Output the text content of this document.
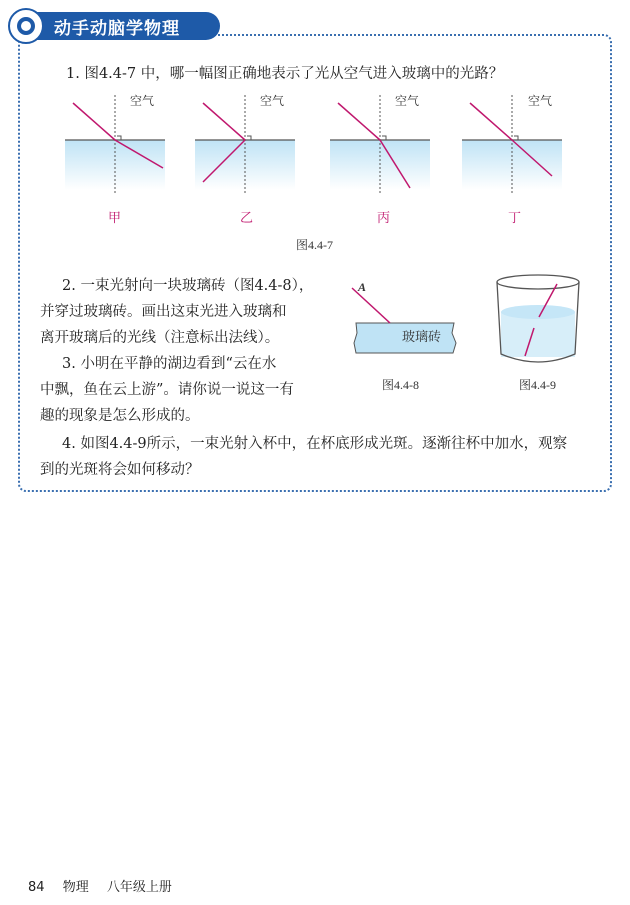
动手动脑学物理
1. 图4.4-7 中，哪一幅图正确地表示了光从空气进入玻璃中的光路？
空气	空气	空气	空气
甲	乙	丙	丁
图4.4-7
2. 一束光射向一块玻璃砖（图4.4-8），
并穿过玻璃砖。画出这束光进入玻璃和
离开玻璃后的光线（注意标出法线）。
3. 小明在平静的湖边看到“云在水
中飘，鱼在云上游”。请你说一说这一有
趣的现象是怎么形成的。
A
玻璃砖
图4.4-8	图4.4-9
4. 如图4.4-9所示，一束光射入杯中，在杯底形成光斑。逐渐往杯中加水，观察
到的光斑将会如何移动？
84 物理 八年级上册
